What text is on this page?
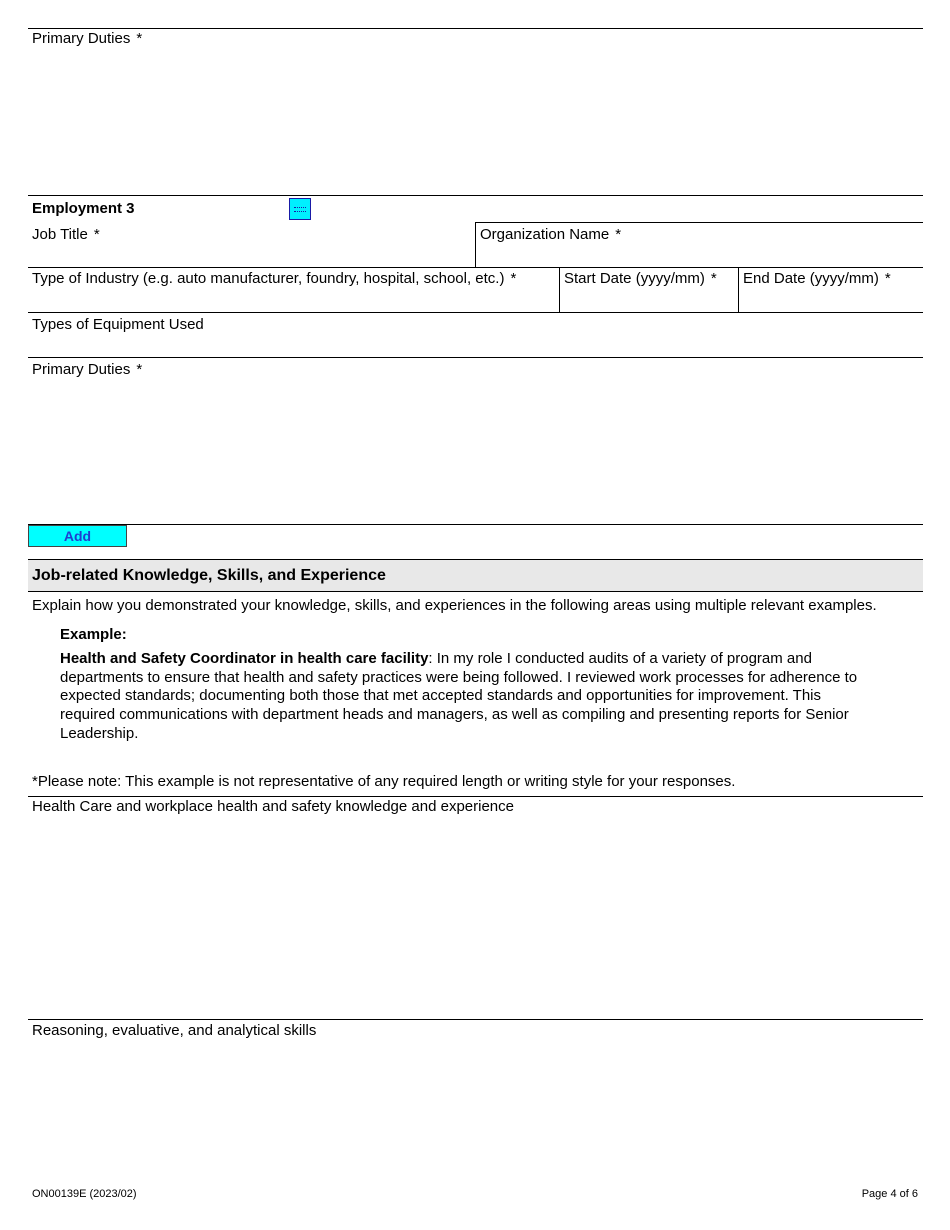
Primary Duties *
Employment 3
Job Title *	Organization Name *
Type of Industry (e.g. auto manufacturer, foundry, hospital, school, etc.) *	Start Date (yyyy/mm) * End Date (yyyy/mm) *
Types of Equipment Used
Primary Duties *
Add
Job-related Knowledge, Skills, and Experience
Explain how you demonstrated your knowledge, skills, and experiences in the following areas using multiple relevant examples.
Example:
Health and Safety Coordinator in health care facility: In my role I conducted audits of a variety of program and departments to ensure that health and safety practices were being followed. I reviewed work processes for adherence to expected standards; documenting both those that met accepted standards and opportunities for improvement. This required communications with department heads and managers, as well as compiling and presenting reports for Senior Leadership.
*Please note: This example is not representative of any required length or writing style for your responses.
Health Care and workplace health and safety knowledge and experience
Reasoning, evaluative, and analytical skills
ON00139E (2023/02)	Page 4 of 6
